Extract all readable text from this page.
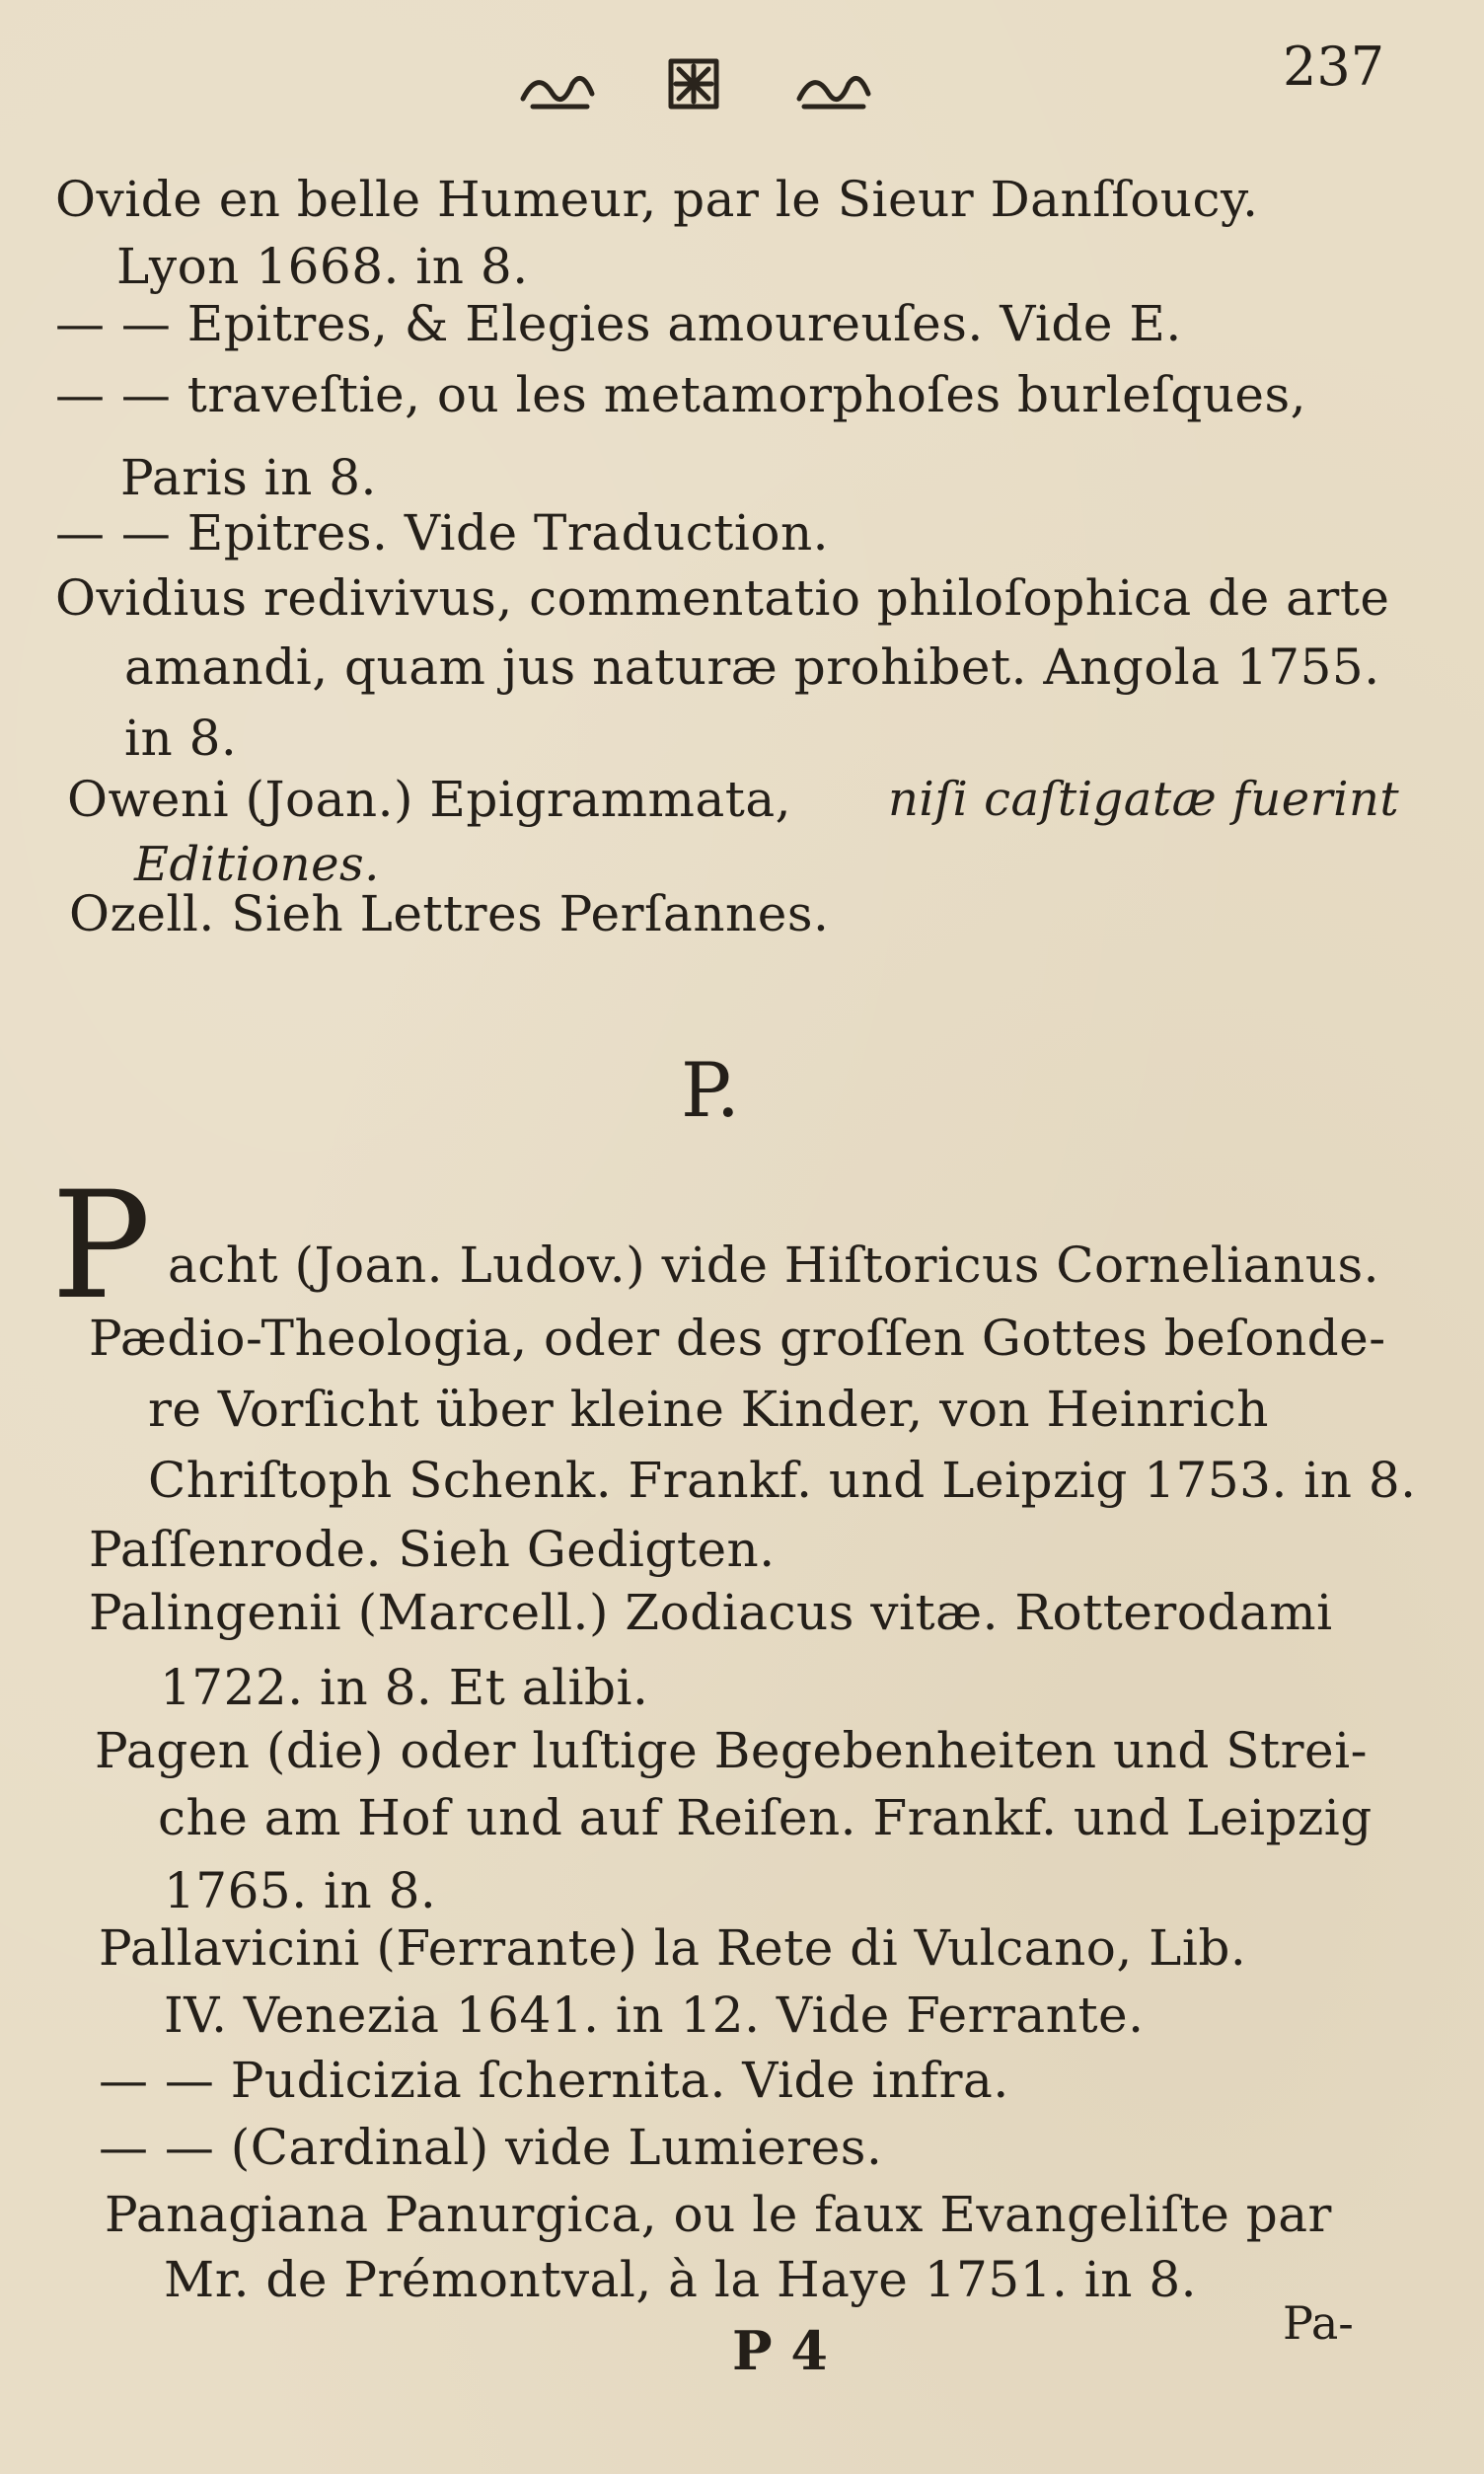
237
Ovide en belle Humeur, par le Sieur Danſſoucy.
Lyon 1668. in 8.
— — Epitres, & Elegies amoureuſes. Vide E.
— — traveſtie, ou les metamorphoſes burleſques,
Paris in 8.
— — Epitres. Vide Traduction.
Ovidius redivivus, commentatio philoſophica de arte
amandi, quam jus naturæ prohibet. Angola 1755.
in 8.
Oweni (Joan.) Epigrammata, niſi caſtigatæ fuerint
Editiones.
Ozell. Sieh Lettres Perſannes.
P.
P acht (Joan. Ludov.) vide Hiſtoricus Cornelianus.
Pædio-Theologia, oder des groſſen Gottes beſonde-
re Vorſicht über kleine Kinder, von Heinrich
Chriſtoph Schenk. Frankf. und Leipzig 1753. in 8.
Paſſenrode. Sieh Gedigten.
Palingenii (Marcell.) Zodiacus vitæ. Rotterodami
1722. in 8. Et alibi.
Pagen (die) oder luſtige Begebenheiten und Strei-
che am Hof und auf Reiſen. Frankf. und Leipzig
1765. in 8.
Pallavicini (Ferrante) la Rete di Vulcano, Lib.
IV. Venezia 1641. in 12. Vide Ferrante.
— — Pudicizia ſchernita. Vide infra.
— — (Cardinal) vide Lumieres.
Panagiana Panurgica, ou le faux Evangeliſte par
Mr. de Prémontval, à la Haye 1751. in 8.
P 4	Pa-
